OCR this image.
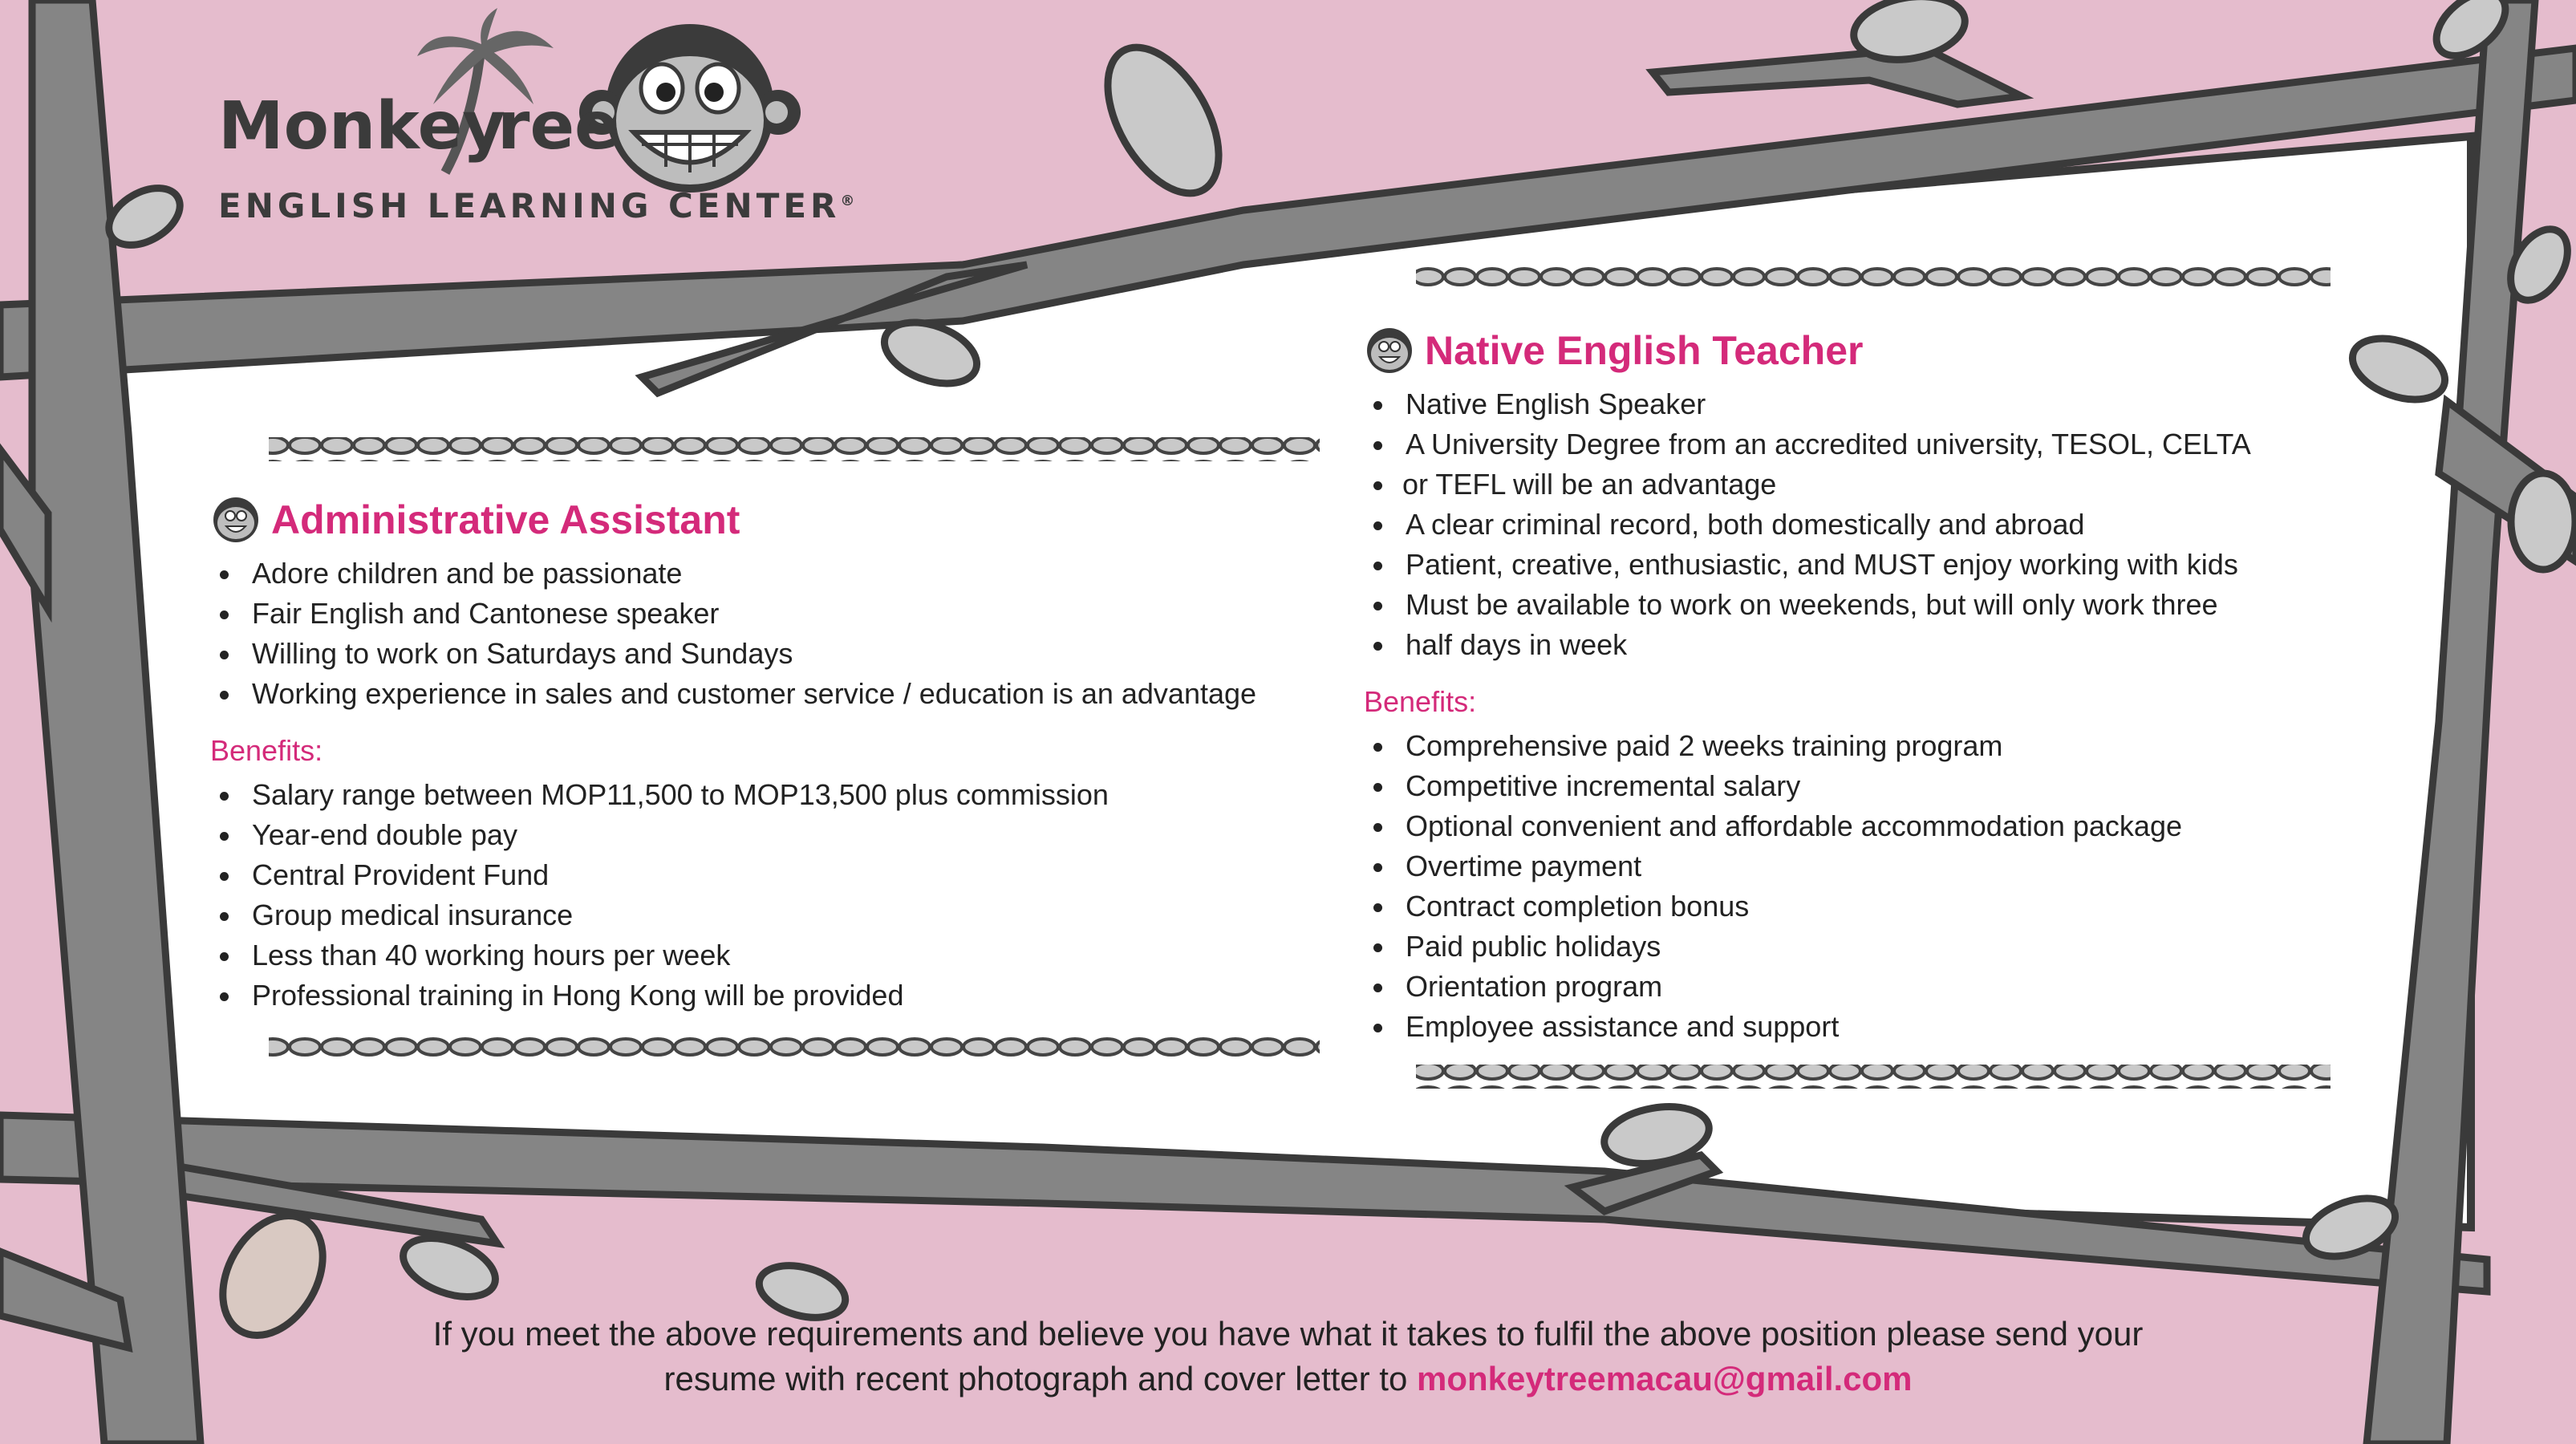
Monkey
ree
ENGLISH LEARNING CENTER®
Administrative Assistant
Adore children and be passionate
Fair English and Cantonese speaker
Willing to work on Saturdays and Sundays
Working experience in sales and customer service / education is an advantage
Benefits:
Salary range between MOP11,500 to MOP13,500 plus commission
Year-end double pay
Central Provident Fund
Group medical insurance
Less than 40 working hours per week
Professional training in Hong Kong will be provided
Native English Teacher
Native English Speaker
A University Degree from an accredited university, TESOL, CELTA
or TEFL will be an advantage
A clear criminal record, both domestically and abroad
Patient, creative, enthusiastic, and MUST enjoy working with kids
Must be available to work on weekends, but will only work three
half days in week
Benefits:
Comprehensive paid 2 weeks training program
Competitive incremental salary
Optional convenient and affordable accommodation package
Overtime payment
Contract completion bonus
Paid public holidays
Orientation program
Employee assistance and support
If you meet the above requirements and believe you have what it takes to fulfil the above position please send your
resume with recent photograph and cover letter to monkeytreemacau@gmail.com
